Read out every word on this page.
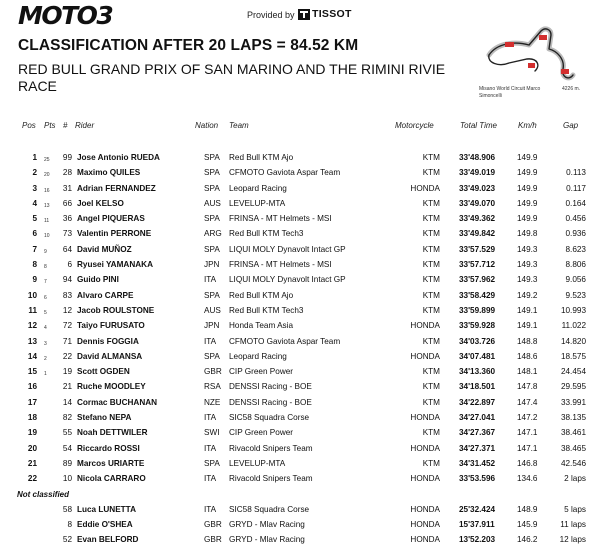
MOTO3	Provided by TISSOT
CLASSIFICATION AFTER 20 LAPS = 84.52 KM
RED BULL GRAND PRIX OF SAN MARINO AND THE RIMINI RIVIE
RACE	Misano World Circuit Marco Simoncelli
4226 m.
Pos Pts # Rider	Nation Team	Motorcycle	Total Time	Km/h	Gap
1 25 99 Jose Antonio RUEDA	SPA Red Bull KTM Ajo	KTM 33'48.906	149.9
2 20 28 Maximo QUILES	SPA CFMOTO Gaviota Aspar Team	KTM 33'49.019	149.9	0.113
3 16 31 Adrian FERNANDEZ	SPA Leopard Racing	HONDA 33'49.023	149.9	0.117
4 13 66 Joel KELSO	AUS LEVELUP-MTA	KTM 33'49.070	149.9	0.164
5 11 36 Angel PIQUERAS	SPA FRINSA - MT Helmets - MSI	KTM 33'49.362	149.9	0.456
6 10 73 Valentin PERRONE	ARG Red Bull KTM Tech3	KTM 33'49.842	149.8	0.936
7 9 64 David MUÑOZ	SPA LIQUI MOLY Dynavolt Intact GP	KTM 33'57.529	149.3	8.623
8 8	6 Ryusei YAMANAKA	JPN FRINSA - MT Helmets - MSI	KTM 33'57.712	149.3	8.806
9 7 94 Guido PINI	ITA LIQUI MOLY Dynavolt Intact GP	KTM 33'57.962	149.3	9.056
10 6 83 Alvaro CARPE	SPA Red Bull KTM Ajo	KTM 33'58.429	149.2	9.523
11 5 12 Jacob ROULSTONE	AUS Red Bull KTM Tech3	KTM 33'59.899	149.1	10.993
12 4 72 Taiyo FURUSATO	JPN Honda Team Asia	HONDA 33'59.928	149.1	11.022
13 3 71 Dennis FOGGIA	ITA CFMOTO Gaviota Aspar Team	KTM 34'03.726	148.8	14.820
14 2 22 David ALMANSA	SPA Leopard Racing	HONDA 34'07.481	148.6	18.575
15 1 19 Scott OGDEN	GBR CIP Green Power	KTM 34'13.360	148.1	24.454
16	21 Ruche MOODLEY	RSA DENSSI Racing - BOE	KTM 34'18.501	147.8	29.595
17	14 Cormac BUCHANAN	NZE DENSSI Racing - BOE	KTM 34'22.897	147.4	33.991
18	82 Stefano NEPA	ITA SIC58 Squadra Corse	HONDA 34'27.041	147.2	38.135
19	55 Noah DETTWILER	SWI CIP Green Power	KTM 34'27.367	147.1	38.461
20	54 Riccardo ROSSI	ITA Rivacold Snipers Team	HONDA 34'27.371	147.1	38.465
21	89 Marcos URIARTE	SPA LEVELUP-MTA	KTM 34'31.452	146.8	42.546
22	10 Nicola CARRARO	ITA Rivacold Snipers Team	HONDA 33'53.596	134.6	2 laps
Not classified
58 Luca LUNETTA	ITA SIC58 Squadra Corse	HONDA 25'32.424	148.9	5 laps
8 Eddie O'SHEA	GBR GRYD - Mlav Racing	HONDA 15'37.911	145.9	11 laps
52 Evan BELFORD	GBR GRYD - Mlav Racing	HONDA 13'52.203	146.2	12 laps
